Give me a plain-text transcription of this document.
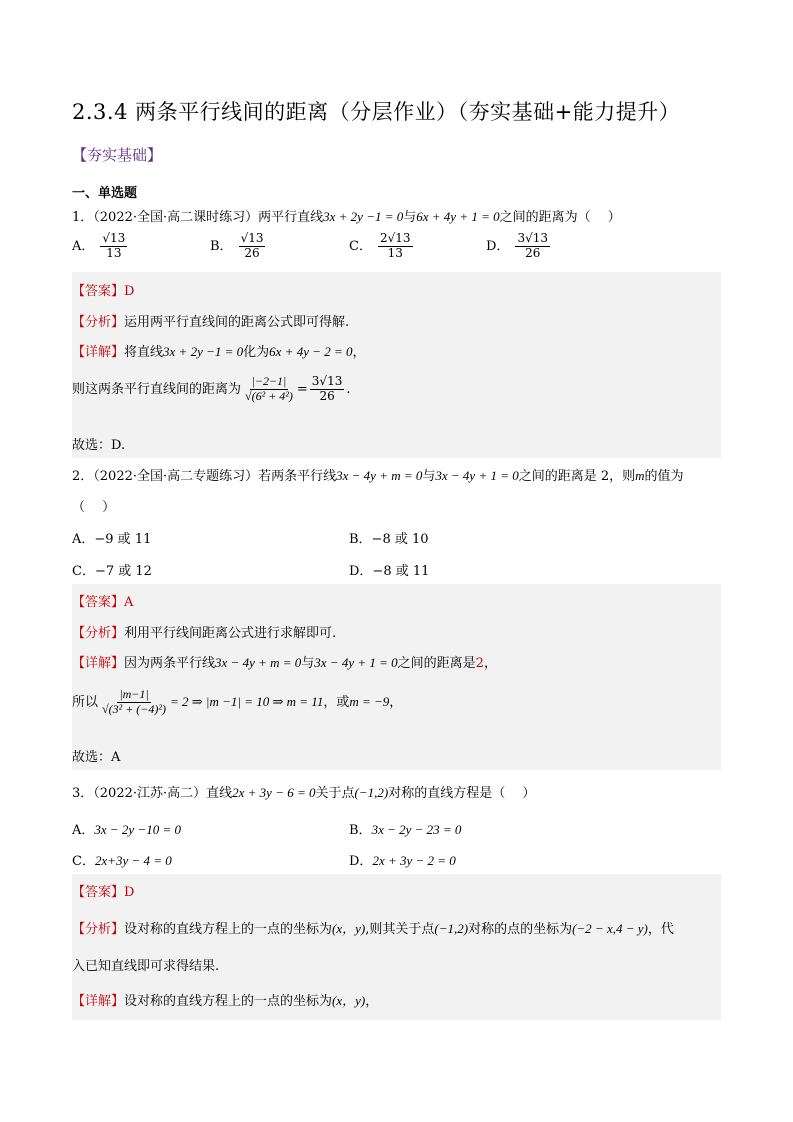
2.3.4 两条平行线间的距离（分层作业）（夯实基础+能力提升）
【夯实基础】
一、单选题
1．（2022·全国·高二课时练习）两平行直线3x + 2y −1 = 0与6x + 4y + 1 = 0之间的距离为（　 ）
A． $\frac{√13}{13}$	B． $\frac{√13}{26}$	C． $\frac{2√13}{13}$	D． $\frac{3√13}{26}$
【答案】D
【分析】运用两平行直线间的距离公式即可得解.
【详解】将直线3x + 2y −1 = 0化为6x + 4y − 2 = 0，
则这两条平行直线间的距离为 $\frac{|-2-1|}{\text{√(6² + 4²)}} = \frac{3√13}{26}$ .
故选：D.
2．（2022·全国·高二专题练习）若两条平行线3x − 4y + m = 0与3x − 4y + 1 = 0之间的距离是 2，则m的值为
（　 ）
A．−9 或 11	B．−8 或 10
C．−7 或 12	D．−8 或 11
【答案】A
【分析】利用平行线间距离公式进行求解即可.
【详解】因为两条平行线3x − 4y + m = 0与3x − 4y + 1 = 0之间的距离是2，
所以 $\frac{|m-1|}{\text{√(3² + (−4)²)}} = 2$ ⇒ |m −1| = 10 ⇒ m = 11，或m = −9，
故选：A
3．（2022·江苏·高二）直线2x + 3y − 6 = 0关于点(−1,2)对称的直线方程是（　 ）
A．3x − 2y −10 = 0	B．3x − 2y − 23 = 0
C．2x+3y − 4 = 0	D．2x + 3y − 2 = 0
【答案】D
【分析】设对称的直线方程上的一点的坐标为(x，y),则其关于点(−1,2)对称的点的坐标为(−2 − x,4 − y)，代
入已知直线即可求得结果.
【详解】设对称的直线方程上的一点的坐标为(x，y)，
